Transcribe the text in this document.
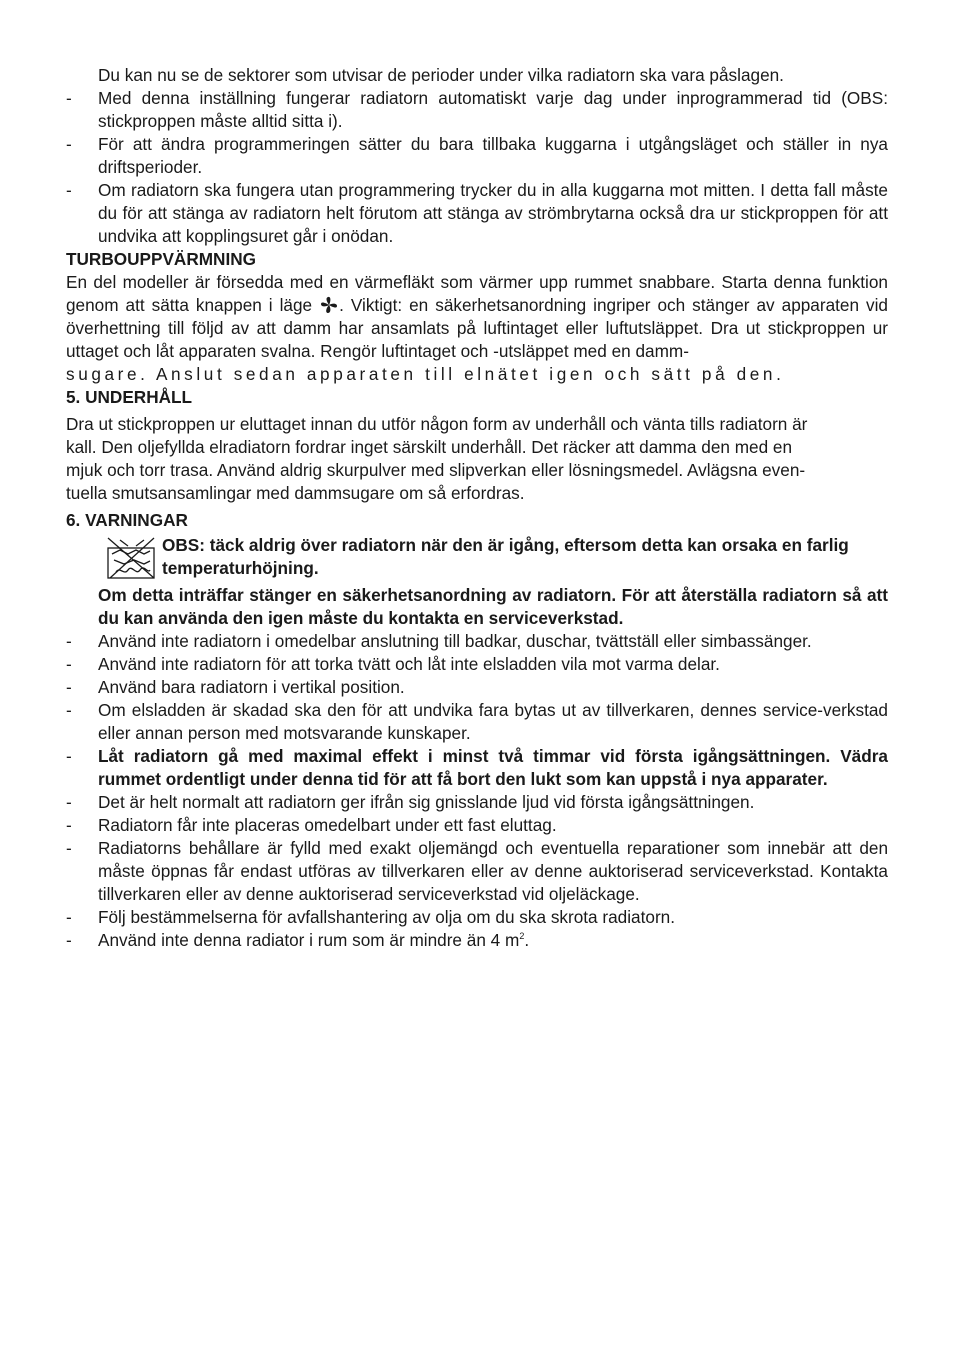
Du kan nu se de sektorer som utvisar de perioder under vilka radiatorn ska vara påslagen.

-	Med denna inställning fungerar radiatorn automatiskt varje dag under inprogrammerad tid (OBS: stickproppen måste alltid sitta i).
-	För att ändra programmeringen sätter du bara tillbaka kuggarna i utgångsläget och ställer in nya driftsperioder.
-	Om radiatorn ska fungera utan programmering trycker du in alla kuggarna mot mitten. I detta fall måste du för att stänga av radiatorn helt förutom att stänga av strömbrytarna också dra ur stickproppen för att undvika att kopplingsuret går i onödan.

TURBOUPPVÄRMNING

En del modeller är försedda med en värmefläkt som värmer upp rummet snabbare. Starta denna funktion genom att sätta knappen i läge . Viktigt: en säkerhetsanordning ingriper och stänger av apparaten vid överhettning till följd av att damm har ansamlats på luftintaget eller luftutsläppet. Dra ut stickproppen ur uttaget och låt apparaten svalna. Rengör luftintaget och -utsläppet med en damm-

sugare. Anslut sedan apparaten till elnätet igen och sätt på den.

5. UNDERHÅLL

Dra ut stickproppen ur eluttaget innan du utför någon form av underhåll och vänta tills radiatorn är

kall. Den oljefyllda elradiatorn fordrar inget särskilt underhåll. Det räcker att damma den med en

mjuk och torr trasa. Använd aldrig skurpulver med slipverkan eller lösningsmedel. Avlägsna even-

tuella smutsansamlingar med dammsugare om så erfordras.

6. VARNINGAR

OBS: täck aldrig över radiatorn när den är igång, eftersom detta kan orsaka en farlig temperaturhöjning.

Om detta inträffar stänger en säkerhetsanordning av radiatorn. För att återställa radiatorn så att du kan använda den igen måste du kontakta en serviceverkstad.

-	Använd inte radiatorn i omedelbar anslutning till badkar, duschar, tvättställ eller simbassänger.
-	Använd inte radiatorn för att torka tvätt och låt inte elsladden vila mot varma delar.
-	Använd bara radiatorn i vertikal position.
-	Om elsladden är skadad ska den för att undvika fara bytas ut av tillverkaren, dennes service-verkstad eller annan person med motsvarande kunskaper.
-	Låt radiatorn gå med maximal effekt i minst två timmar vid första igångsättningen. Vädra rummet ordentligt under denna tid för att få bort den lukt som kan uppstå i nya apparater.
-	Det är helt normalt att radiatorn ger ifrån sig gnisslande ljud vid första igångsättningen.
-	Radiatorn får inte placeras omedelbart under ett fast eluttag.
-	Radiatorns behållare är fylld med exakt oljemängd och eventuella reparationer som innebär att den måste öppnas får endast utföras av tillverkaren eller av denne auktoriserad serviceverkstad. Kontakta tillverkaren eller av denne auktoriserad serviceverkstad vid oljeläckage.
-	Följ bestämmelserna för avfallshantering av olja om du ska skrota radiatorn.
-	Använd inte denna radiator i rum som är mindre än 4 $m^2$.
